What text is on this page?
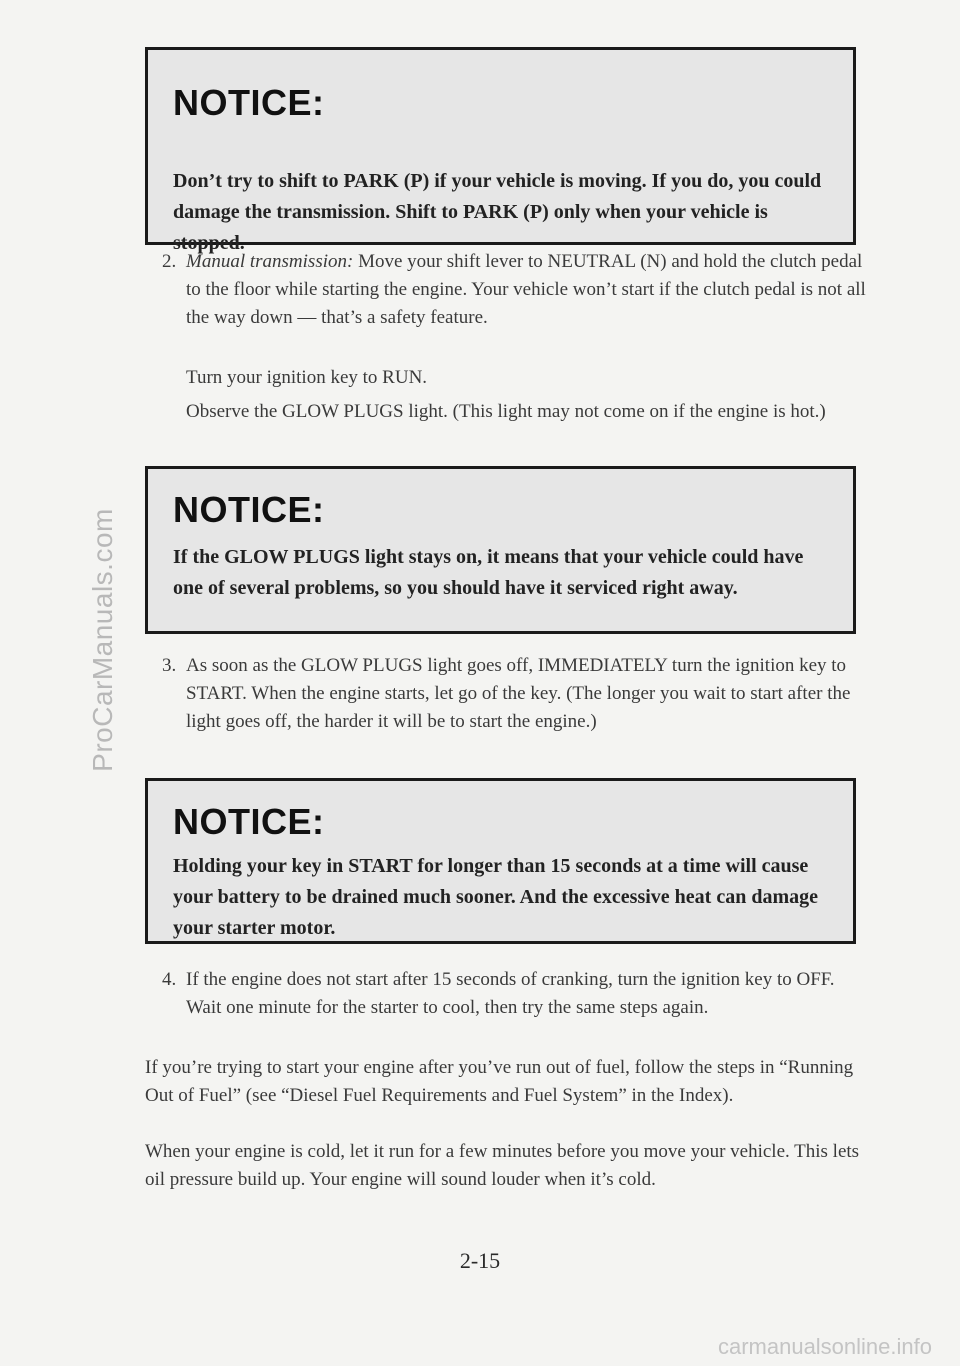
ProCarManuals.com
NOTICE:

Don’t try to shift to PARK (P) if your vehicle is moving. If you do, you could damage the transmission. Shift to PARK (P) only when your vehicle is stopped.

2. Manual transmission: Move your shift lever to NEUTRAL (N) and hold the clutch pedal to the floor while starting the engine. Your vehicle won’t start if the clutch pedal is not all the way down — that’s a safety feature.
Turn your ignition key to RUN.
Observe the GLOW PLUGS light. (This light may not come on if the engine is hot.)
NOTICE:

If the GLOW PLUGS light stays on, it means that your vehicle could have one of several problems, so you should have it serviced right away.

3. As soon as the GLOW PLUGS light goes off, IMMEDIATELY turn the ignition key to START. When the engine starts, let go of the key. (The longer you wait to start after the light goes off, the harder it will be to start the engine.)
NOTICE:

Holding your key in START for longer than 15 seconds at a time will cause your battery to be drained much sooner. And the excessive heat can damage your starter motor.

4. If the engine does not start after 15 seconds of cranking, turn the ignition key to OFF. Wait one minute for the starter to cool, then try the same steps again.
If you’re trying to start your engine after you’ve run out of fuel, follow the steps in “Running Out of Fuel” (see “Diesel Fuel Requirements and Fuel System” in the Index).
When your engine is cold, let it run for a few minutes before you move your vehicle. This lets oil pressure build up. Your engine will sound louder when it’s cold.
2-15
carmanualsonline.info
